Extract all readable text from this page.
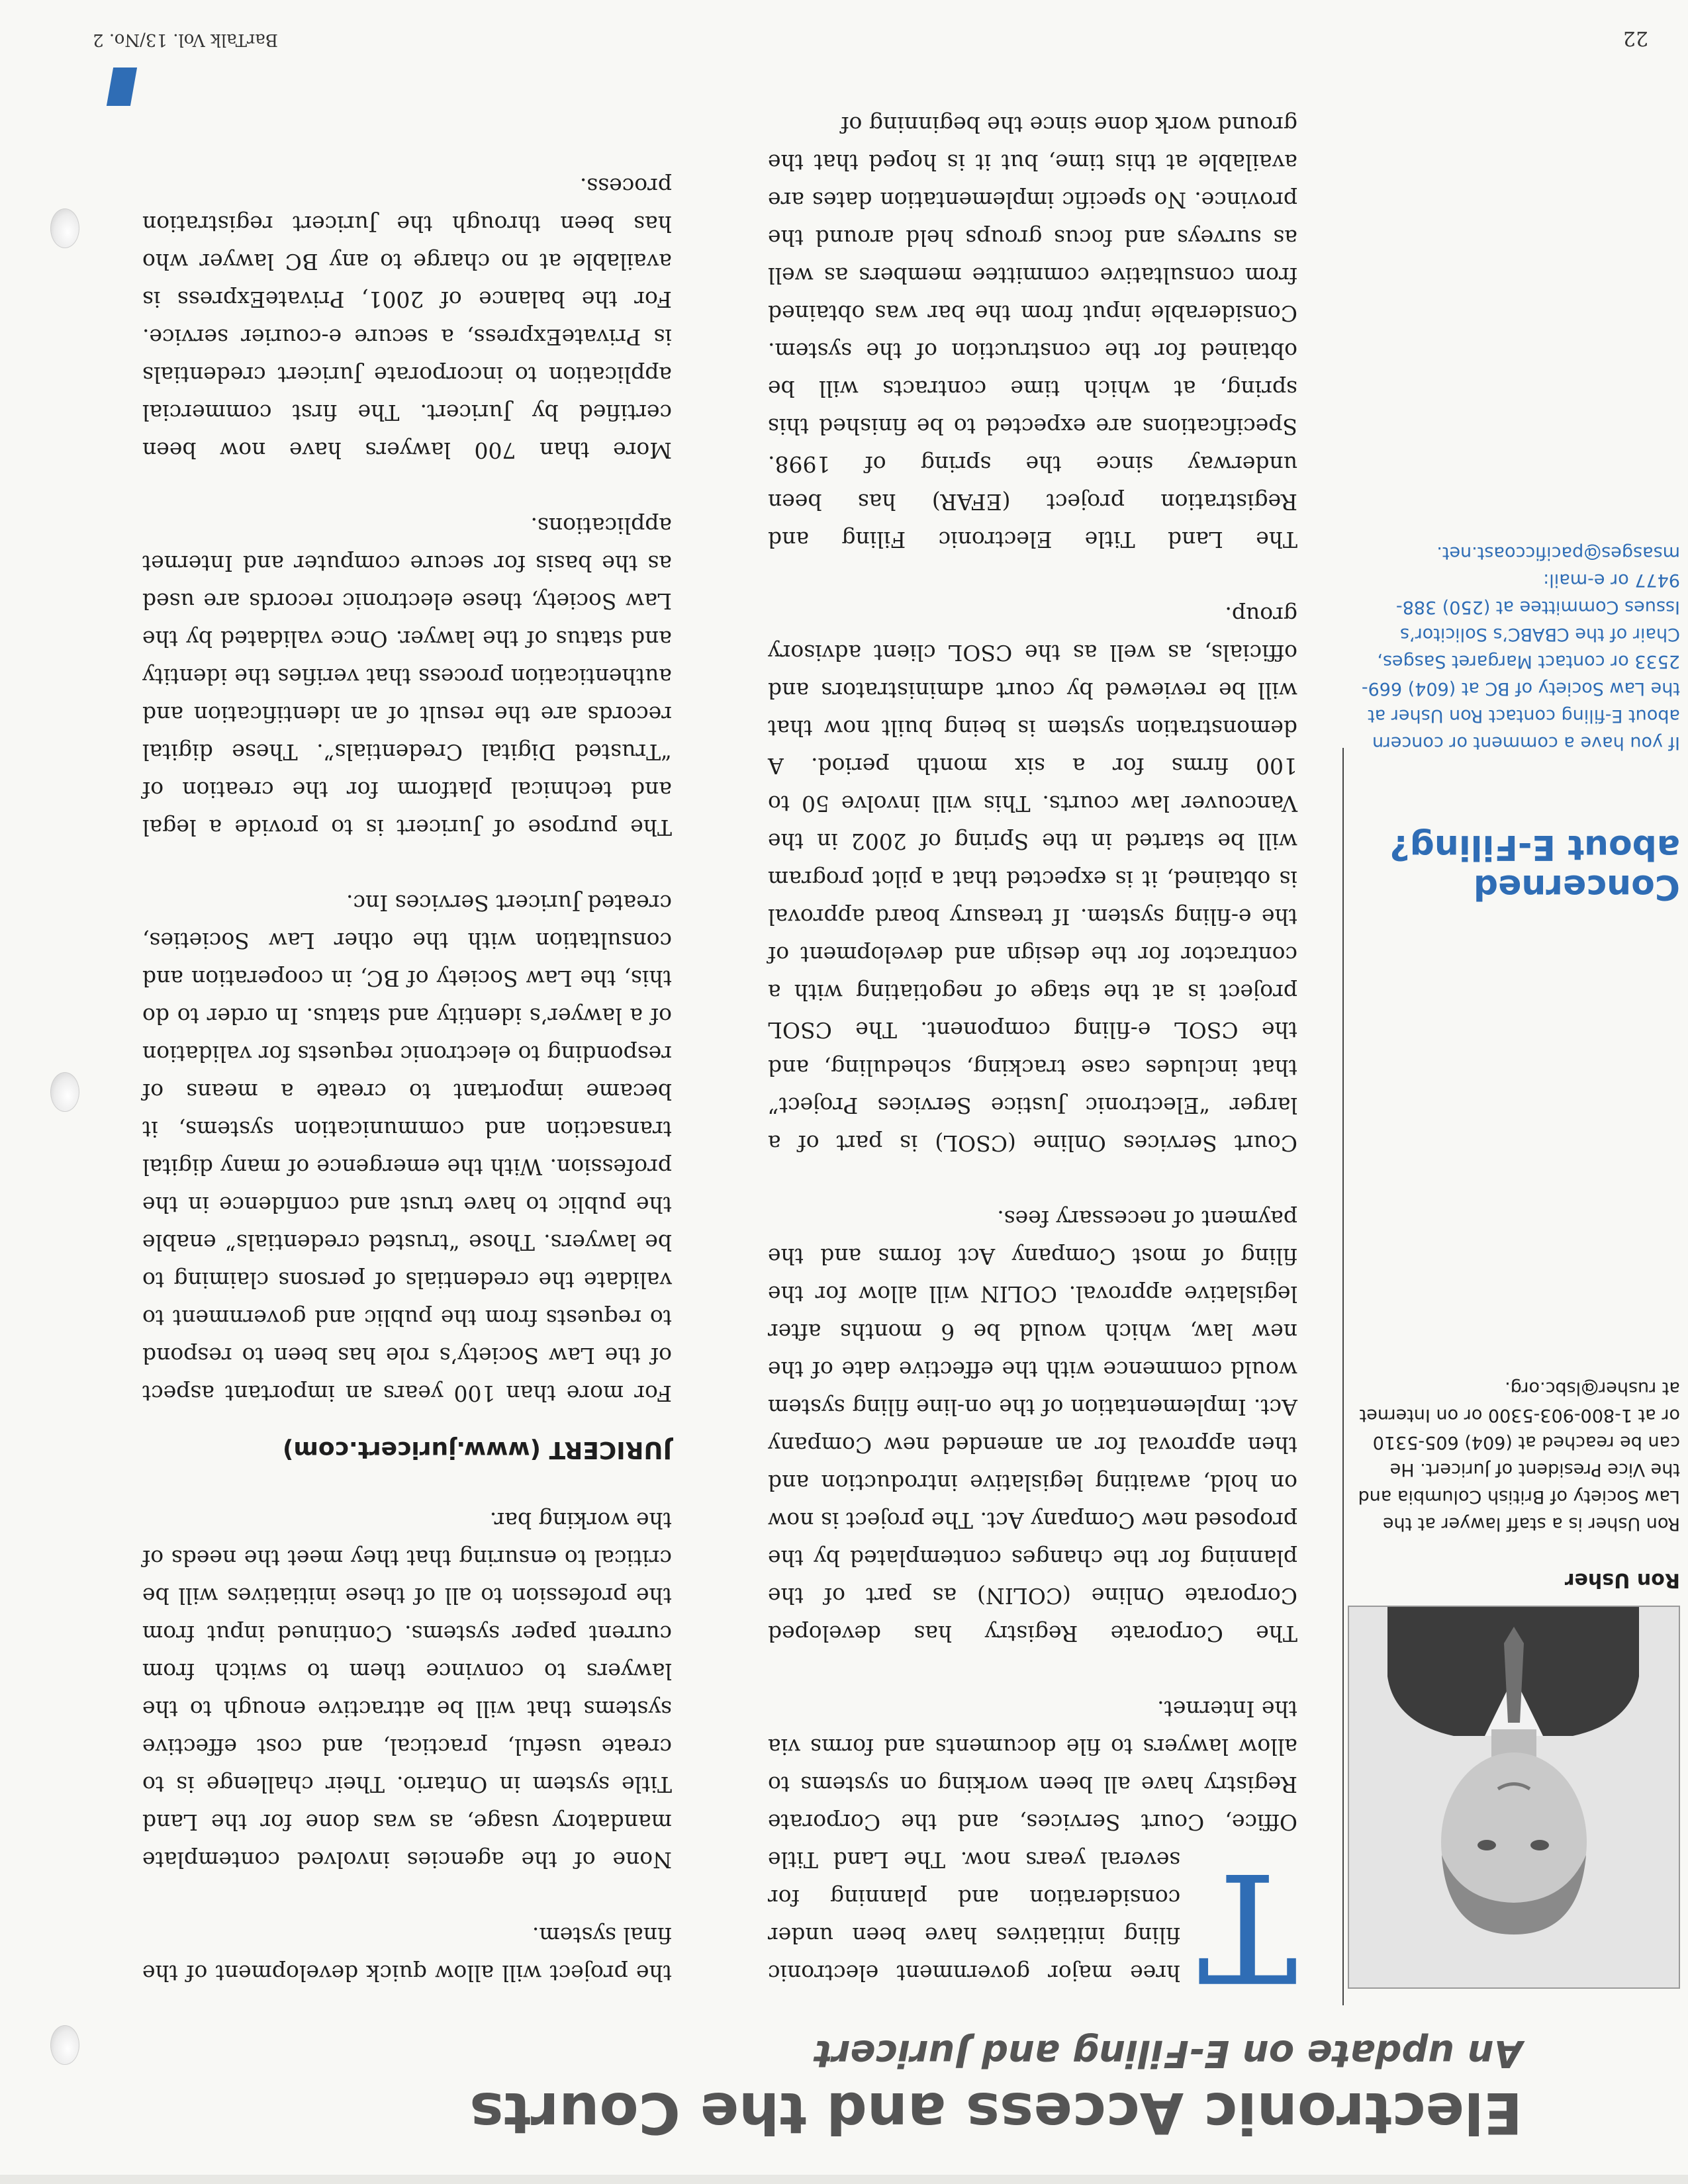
Electronic Access and the Courts
An update on E-Filing and Juricert

Ron Usher

Ron Usher is a staff lawyer at the Law Society of British Columbia and the Vice President of Juricert. He can be reached at (604) 605-5310 or at 1-800-903-5300 or on Internet at rusher@lsbc.org.

Concerned about E-Filing?

If you have a comment or concern about E-filing contact Ron Usher at the Law Society of BC at (604) 669-2533 or contact Margaret Sasges, Chair of the CBABC’s Solicitor’s Issues Committee at (250) 388-9477 or e-mail: msasges@pacificcoast.net.

T
hree major government electronic filing initiatives have been under consideration and planning for several years now. The Land Title Office, Court Services, and the Corporate Registry have all been working on systems to allow lawyers to file documents and forms via the Internet.

The Corporate Registry has developed Corporate Online (COLIN) as part of the planning for the changes contemplated by the proposed new Company Act. The project is now on hold, awaiting legislative introduction and then approval for an amended new Company Act. Implementation of the on-line filing system would commence with the effective date of the new law, which would be 6 months after legislative approval. COLIN will allow for the filing of most Company Act forms and the payment of necessary fees.

Court Services Online (CSOL) is part of a larger “Electronic Justice Services Project” that includes case tracking, scheduling, and the CSOL e-filing component. The CSOL project is at the stage of negotiating with a contractor for the design and development of the e-filing system. If treasury board approval is obtained, it is expected that a pilot program will be started in the Spring of 2002 in the Vancouver law courts. This will involve 50 to 100 firms for a six month period. A demonstration system is being built now that will be reviewed by court administrators and officials, as well as the CSOL client advisory group.

The Land Title Electronic Filing and Registration project (EFAR) has been underway since the spring of 1998. Specifications are expected to be finished this spring, at which time contracts will be obtained for the construction of the system. Considerable input from the bar was obtained from consultative committee members as well as surveys and focus groups held around the province. No specific implementation dates are available at this time, but it is hoped that the ground work done since the beginning of

the project will allow quick development of the final system.

None of the agencies involved contemplate mandatory usage, as was done for the Land Title system in Ontario. Their challenge is to create useful, practical, and cost effective systems that will be attractive enough to the lawyers to convince them to switch from current paper systems. Continued input from the profession to all of these initiatives will be critical to ensuring that they meet the needs of the working bar.

JURICERT (www.juricert.com)

For more than 100 years an important aspect of the Law Society’s role has been to respond to requests from the public and government to validate the credentials of persons claiming to be lawyers. Those “trusted credentials” enable the public to have trust and confidence in the profession. With the emergence of many digital transaction and communication systems, it became important to create a means of responding to electronic requests for validation of a lawyer’s identity and status. In order to do this, the Law Society of BC, in cooperation and consultation with the other Law Societies, created Juricert Services Inc.

The purpose of Juricert is to provide a legal and technical platform for the creation of “Trusted Digital Credentials”. These digital records are the result of an identification and authentication process that verifies the identity and status of the lawyer. Once validated by the Law Society, these electronic records are used as the basis for secure computer and Internet applications.

More than 700 lawyers have now been certified by Juricert. The first commercial application to incorporate Juricert credentials is PrivateExpress, a secure e-courier service. For the balance of 2001, PrivateExpress is available at no charge to any BC lawyer who has been through the Juricert registration process.

22

BarTalk Vol. 13/No. 2
